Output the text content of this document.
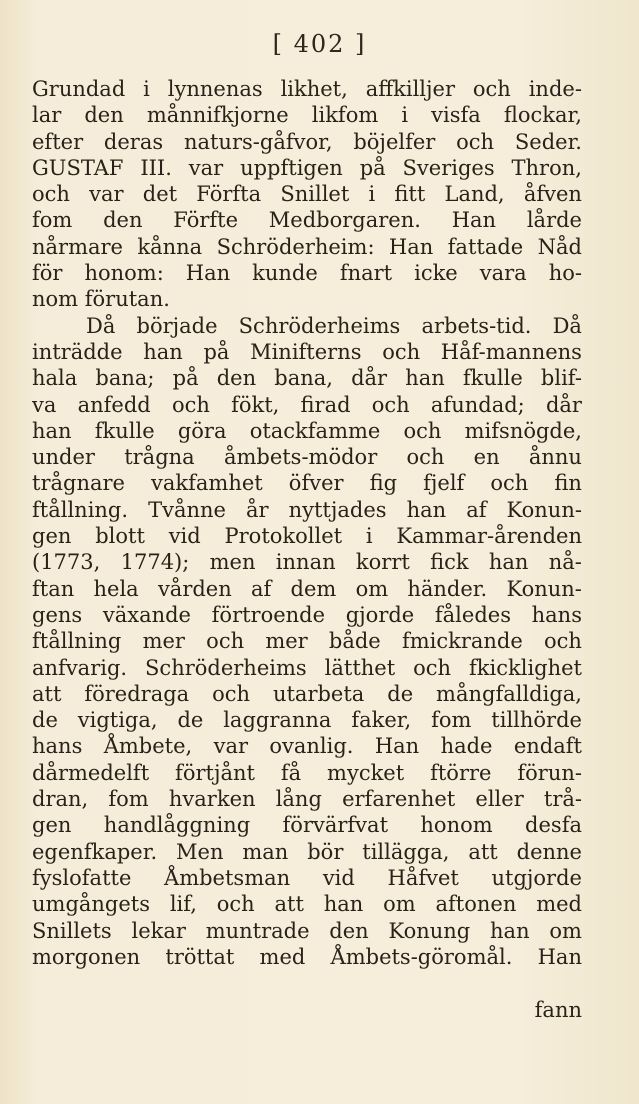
[ 402 ]
Grundad i lynnenas likhet, affkilljer och inde-
lar den månnifkjorne likfom i visfa flockar,
efter deras naturs-gåfvor, böjelfer och Seder.
GUSTAF III. var uppftigen på Sveriges Thron,
och var det Förfta Snillet i fitt Land, åfven
fom den Förfte Medborgaren. Han lårde
nårmare kånna Schröderheim: Han fattade Nåd
för honom: Han kunde fnart icke vara ho-
nom förutan.
Då började Schröderheims arbets-tid. Då
inträdde han på Minifterns och Håf-mannens
hala bana; på den bana, dår han fkulle blif-
va anfedd och fökt, firad och afundad; dår
han fkulle göra otackfamme och mifsnögde,
under trågna åmbets-mödor och en ånnu
trågnare vakfamhet öfver fig fjelf och fin
ftållning. Tvånne år nyttjades han af Konun-
gen blott vid Protokollet i Kammar-årenden
(1773, 1774); men innan korrt fick han nå-
ftan hela vården af dem om händer. Konun-
gens växande förtroende gjorde fåledes hans
ftållning mer och mer både fmickrande och
anfvarig. Schröderheims lätthet och fkicklighet
att föredraga och utarbeta de mångfalldiga,
de vigtiga, de laggranna faker, fom tillhörde
hans Åmbete, var ovanlig. Han hade endaft
dårmedelft förtjånt få mycket ftörre förun-
dran, fom hvarken lång erfarenhet eller trå-
gen handlåggning förvärfvat honom desfa
egenfkaper. Men man bör tillägga, att denne
fyslofatte Åmbetsman vid Håfvet utgjorde
umgångets lif, och att han om aftonen med
Snillets lekar muntrade den Konung han om
morgonen tröttat med Åmbets-göromål. Han
fann
